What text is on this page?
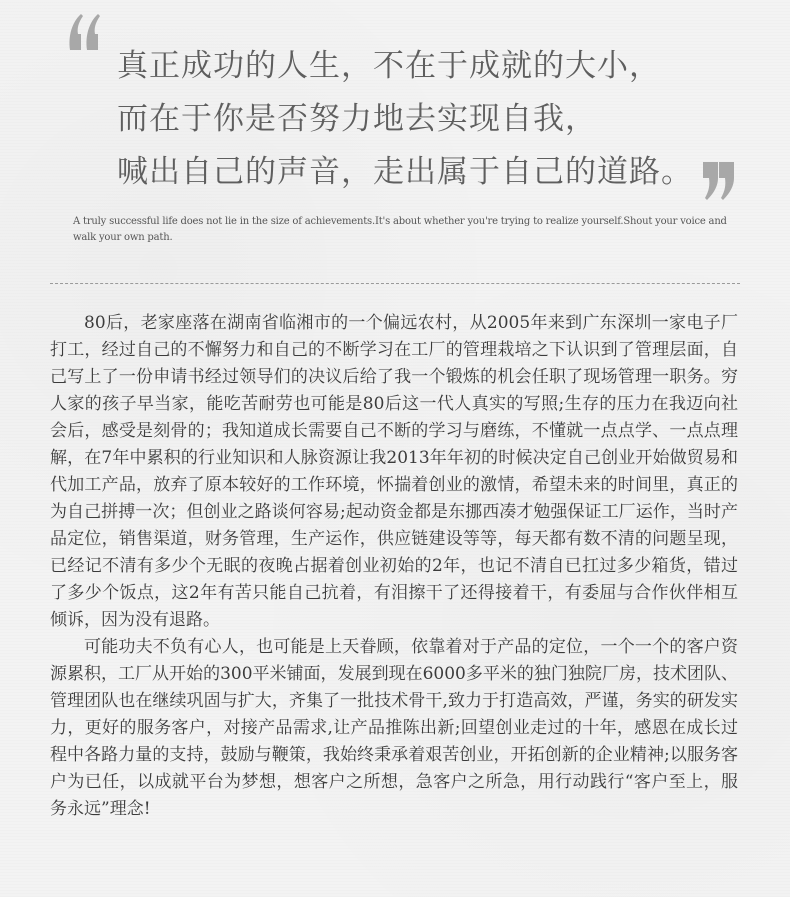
真正成功的人生，不在于成就的大小，
而在于你是否努力地去实现自我，
喊出自己的声音，走出属于自己的道路。

A truly successful life does not lie in the size of achievements.It's about whether you're trying to realize yourself.Shout your voice and walk your own path.

80后，老家座落在湖南省临湘市的一个偏远农村，从2005年来到广东深圳一家电子厂打工，经过自己的不懈努力和自己的不断学习在工厂的管理栽培之下认识到了管理层面，自己写上了一份申请书经过领导们的决议后给了我一个锻炼的机会任职了现场管理一职务。穷人家的孩子早当家，能吃苦耐劳也可能是80后这一代人真实的写照;生存的压力在我迈向社会后，感受是刻骨的；我知道成长需要自己不断的学习与磨练，不懂就一点点学、一点点理解，在7年中累积的行业知识和人脉资源让我2013年年初的时候决定自己创业开始做贸易和代加工产品，放弃了原本较好的工作环境，怀揣着创业的激情，希望未来的时间里，真正的为自己拼搏一次；但创业之路谈何容易;起动资金都是东挪西凑才勉强保证工厂运作，当时产品定位，销售渠道，财务管理，生产运作，供应链建设等等，每天都有数不清的问题呈现，已经记不清有多少个无眠的夜晚占据着创业初始的2年，也记不清自已扛过多少箱货，错过了多少个饭点，这2年有苦只能自己抗着，有泪擦干了还得接着干，有委屈与合作伙伴相互倾诉，因为没有退路。

可能功夫不负有心人，也可能是上天眷顾，依靠着对于产品的定位，一个一个的客户资源累积，工厂从开始的300平米铺面，发展到现在6000多平米的独门独院厂房，技术团队、管理团队也在继续巩固与扩大，齐集了一批技术骨干,致力于打造高效，严谨，务实的研发实力，更好的服务客户，对接产品需求,让产品推陈出新;回望创业走过的十年，感恩在成长过程中各路力量的支持，鼓励与鞭策，我始终秉承着艰苦创业，开拓创新的企业精神;以服务客户为已任，以成就平台为梦想，想客户之所想，急客户之所急，用行动践行“客户至上，服务永远”理念!
